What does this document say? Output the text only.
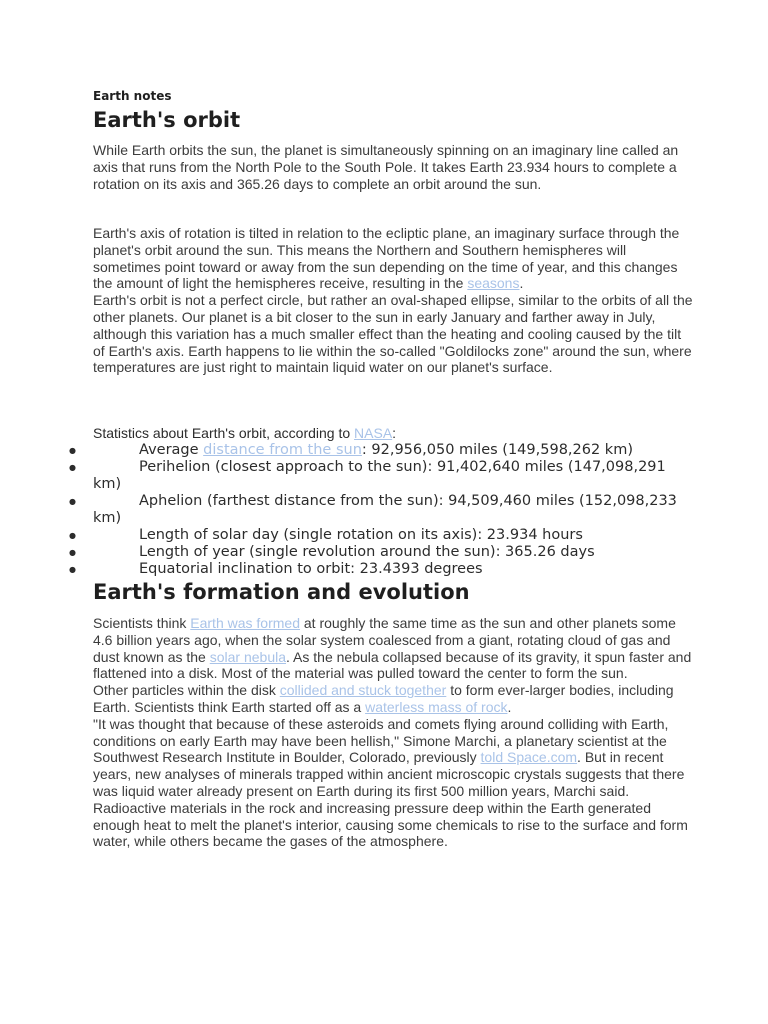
Earth notes

Earth's orbit

While Earth orbits the sun, the planet is simultaneously spinning on an imaginary line called an axis that runs from the North Pole to the South Pole. It takes Earth 23.934 hours to complete a rotation on its axis and 365.26 days to complete an orbit around the sun.

Earth's axis of rotation is tilted in relation to the ecliptic plane, an imaginary surface through the planet's orbit around the sun. This means the Northern and Southern hemispheres will sometimes point toward or away from the sun depending on the time of year, and this changes the amount of light the hemispheres receive, resulting in the seasons.
Earth's orbit is not a perfect circle, but rather an oval-shaped ellipse, similar to the orbits of all the other planets. Our planet is a bit closer to the sun in early January and farther away in July, although this variation has a much smaller effect than the heating and cooling caused by the tilt of Earth's axis. Earth happens to lie within the so-called "Goldilocks zone" around the sun, where temperatures are just right to maintain liquid water on our planet's surface.

Statistics about Earth's orbit, according to NASA:
●	Average distance from the sun: 92,956,050 miles (149,598,262 km)
●	Perihelion (closest approach to the sun): 91,402,640 miles (147,098,291 km)
●	Aphelion (farthest distance from the sun): 94,509,460 miles (152,098,233 km)
●	Length of solar day (single rotation on its axis): 23.934 hours
●	Length of year (single revolution around the sun): 365.26 days
●	Equatorial inclination to orbit: 23.4393 degrees
Earth's formation and evolution

Scientists think Earth was formed at roughly the same time as the sun and other planets some 4.6 billion years ago, when the solar system coalesced from a giant, rotating cloud of gas and dust known as the solar nebula. As the nebula collapsed because of its gravity, it spun faster and flattened into a disk. Most of the material was pulled toward the center to form the sun.
Other particles within the disk collided and stuck together to form ever-larger bodies, including Earth. Scientists think Earth started off as a waterless mass of rock.
"It was thought that because of these asteroids and comets flying around colliding with Earth, conditions on early Earth may have been hellish," Simone Marchi, a planetary scientist at the Southwest Research Institute in Boulder, Colorado, previously told Space.com. But in recent years, new analyses of minerals trapped within ancient microscopic crystals suggests that there was liquid water already present on Earth during its first 500 million years, Marchi said.
Radioactive materials in the rock and increasing pressure deep within the Earth generated enough heat to melt the planet's interior, causing some chemicals to rise to the surface and form water, while others became the gases of the atmosphere.
